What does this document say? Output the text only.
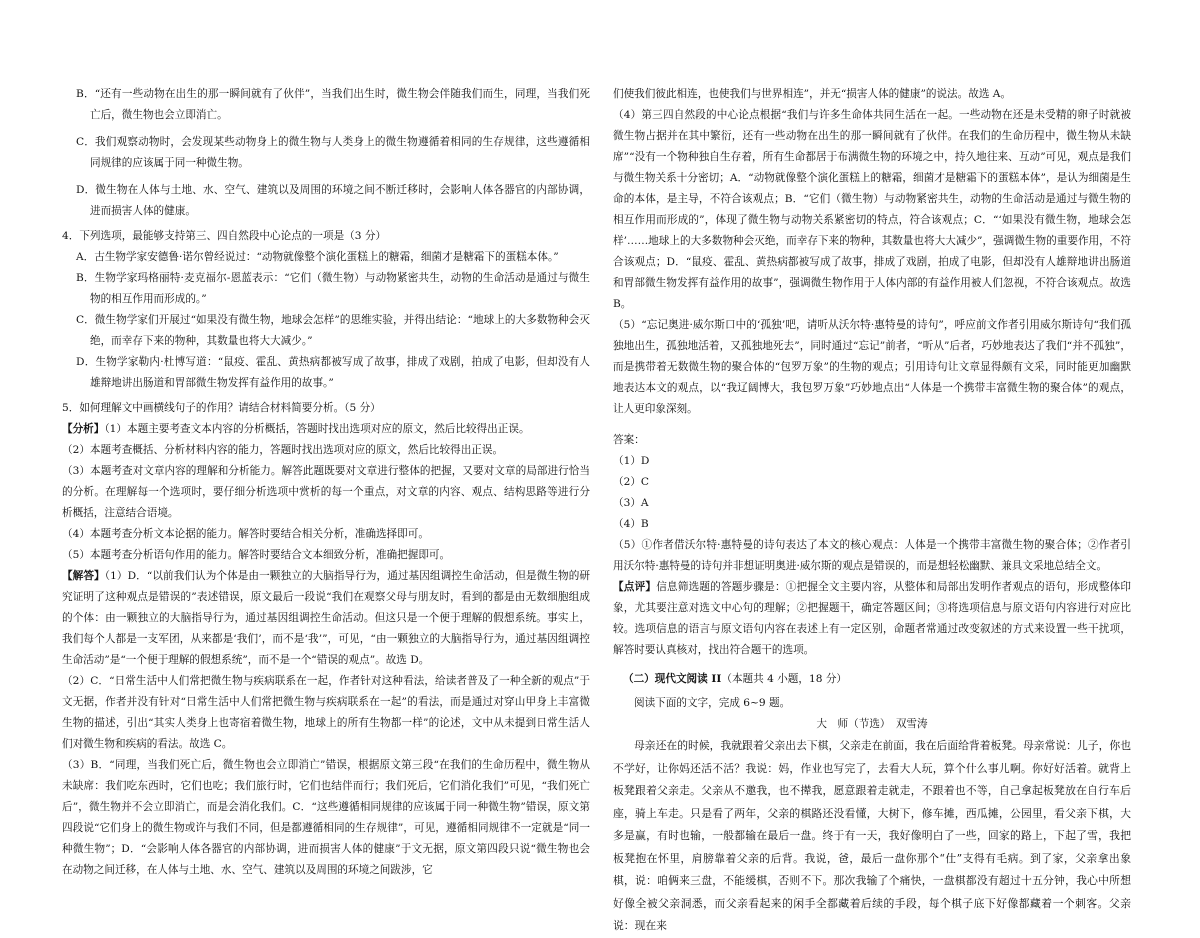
B．“还有一些动物在出生的那一瞬间就有了伙伴”，当我们出生时，微生物会伴随我们而生，同理，当我们死亡后，微生物也会立即消亡。

C．我们观察动物时，会发现某些动物身上的微生物与人类身上的微生物遵循着相同的生存规律，这些遵循相同规律的应该属于同一种微生物。

D．微生物在人体与土地、水、空气、建筑以及周围的环境之间不断迁移时，会影响人体各器官的内部协调，进而损害人体的健康。

4．下列选项，最能够支持第三、四自然段中心论点的一项是（3 分）

A．古生物学家安德鲁·诺尔曾经说过：“动物就像整个演化蛋糕上的糖霜，细菌才是糖霜下的蛋糕本体。”

B．生物学家玛格丽特·麦克福尔-恩蓝表示：“它们（微生物）与动物紧密共生，动物的生命活动是通过与微生物的相互作用而形成的。”

C．微生物学家们开展过“如果没有微生物，地球会怎样”的思维实验，并得出结论：“地球上的大多数物种会灭绝，而幸存下来的物种，其数量也将大大减少。”

D．生物学家勒内·杜博写道：“鼠疫、霍乱、黄热病都被写成了故事，排成了戏剧，拍成了电影，但却没有人雄辩地讲出肠道和胃部微生物发挥有益作用的故事。”

5．如何理解文中画横线句子的作用？请结合材料简要分析。（5 分）

【分析】（1）本题主要考查文本内容的分析概括，答题时找出选项对应的原文，然后比较得出正误。

（2）本题考查概括、分析材料内容的能力，答题时找出选项对应的原文，然后比较得出正误。

（3）本题考查对文章内容的理解和分析能力。解答此题既要对文章进行整体的把握，又要对文章的局部进行恰当的分析。在理解每一个选项时，要仔细分析选项中赏析的每一个重点，对文章的内容、观点、结构思路等进行分析概括，注意结合语境。

（4）本题考查分析文本论据的能力。解答时要结合相关分析，准确选择即可。

（5）本题考查分析语句作用的能力。解答时要结合文本细致分析，准确把握即可。

【解答】（1）D．“以前我们认为个体是由一颗独立的大脑指导行为，通过基因组调控生命活动，但是微生物的研究证明了这种观点是错误的”表述错误，原文最后一段说“我们在观察父母与朋友时，看到的都是由无数细胞组成的个体：由一颗独立的大脑指导行为，通过基因组调控生命活动。但这只是一个便于理解的假想系统。事实上，我们每个人都是一支军团，从来都是‘我们’，而不是‘我’”，可见，“由一颗独立的大脑指导行为，通过基因组调控生命活动”是“一个便于理解的假想系统”，而不是一个“错误的观点”。故选 D。

（2）C．“日常生活中人们常把微生物与疾病联系在一起，作者针对这种看法，给读者普及了一种全新的观点”于文无据，作者并没有针对“日常生活中人们常把微生物与疾病联系在一起”的看法，而是通过对穿山甲身上丰富微生物的描述，引出“其实人类身上也寄宿着微生物，地球上的所有生物都一样”的论述，文中从未提到日常生活人们对微生物和疾病的看法。故选 C。

（3）B．“同理，当我们死亡后，微生物也会立即消亡”错误，根据原文第三段“在我们的生命历程中，微生物从未缺席：我们吃东西时，它们也吃；我们旅行时，它们也结伴而行；我们死后，它们消化我们”可见，“我们死亡后”，微生物并不会立即消亡，而是会消化我们。C．“这些遵循相同规律的应该属于同一种微生物”错误，原文第四段说“它们身上的微生物或许与我们不同，但是都遵循相同的生存规律”，可见，遵循相同规律不一定就是“同一种微生物”；D．“会影响人体各器官的内部协调，进而损害人体的健康”于文无据，原文第四段只说“微生物也会在动物之间迁移，在人体与土地、水、空气、建筑以及周围的环境之间跋涉，它

们使我们彼此相连，也使我们与世界相连”，并无“损害人体的健康”的说法。故选 A。

（4）第三四自然段的中心论点根据“我们与许多生命体共同生活在一起。一些动物在还是未受精的卵子时就被微生物占据并在其中繁衍，还有一些动物在出生的那一瞬间就有了伙伴。在我们的生命历程中，微生物从未缺席”“没有一个物种独自生存着，所有生命都居于布满微生物的环境之中，持久地往来、互动”可见，观点是我们与微生物关系十分密切；A．“动物就像整个演化蛋糕上的糖霜，细菌才是糖霜下的蛋糕本体”，是认为细菌是生命的本体，是主导，不符合该观点；B．“它们（微生物）与动物紧密共生，动物的生命活动是通过与微生物的相互作用而形成的”，体现了微生物与动物关系紧密切的特点，符合该观点；C．“‘如果没有微生物，地球会怎样’……地球上的大多数物种会灭绝，而幸存下来的物种，其数量也将大大减少”，强调微生物的重要作用，不符合该观点；D．“鼠疫、霍乱、黄热病都被写成了故事，排成了戏剧，拍成了电影，但却没有人雄辩地讲出肠道和胃部微生物发挥有益作用的故事”，强调微生物作用于人体内部的有益作用被人们忽视，不符合该观点。故选 B。

（5）“忘记奥进·威尔斯口中的‘孤独’吧，请听从沃尔特·惠特曼的诗句”，呼应前文作者引用威尔斯诗句“我们孤独地出生，孤独地活着，又孤独地死去”，同时通过“忘记”前者，“听从”后者，巧妙地表达了我们“并不孤独”，而是携带着无数微生物的聚合体的“包罗万象”的生物的观点；引用诗句让文章显得颇有文采，同时能更加幽默地表达本文的观点，以“我辽阔博大，我包罗万象”巧妙地点出“人体是一个携带丰富微生物的聚合体”的观点，让人更印象深刻。

答案：

（1）D

（2）C

（3）A

（4）B

（5）①作者借沃尔特·惠特曼的诗句表达了本文的核心观点：人体是一个携带丰富微生物的聚合体；②作者引用沃尔特·惠特曼的诗句并非想证明奥进·威尔斯的观点是错误的，而是想轻松幽默、兼具文采地总结全文。

【点评】信息筛选题的答题步骤是：①把握全文主要内容，从整体和局部出发明作者观点的语句，形成整体印象，尤其要注意对选文中心句的理解；②把握题干，确定答题区间；③将选项信息与原文语句内容进行对应比较。选项信息的语言与原文语句内容在表述上有一定区别，命题者常通过改变叙述的方式来设置一些干扰项，解答时要认真核对，找出符合题干的选项。

（二）现代文阅读 II（本题共 4 小题，18 分）

阅读下面的文字，完成 6~9 题。

大　师（节选）　双雪涛

母亲还在的时候，我就跟着父亲出去下棋，父亲走在前面，我在后面给背着板凳。母亲常说：儿子，你也不学好，让你妈还活不活？我说：妈，作业也写完了，去看大人玩，算个什么事儿啊。你好好活着。就背上板凳跟着父亲走。父亲从不邀我，也不撵我，愿意跟着走就走，不跟着也不等，自己拿起板凳放在自行车后座，骑上车走。只是看了两年，父亲的棋路还没看懂，大树下，修车摊，西瓜摊，公园里，看父亲下棋，大多是赢，有时也输，一般都输在最后一盘。终于有一天，我好像明白了一些，回家的路上，下起了雪，我把板凳抱在怀里，肩膀靠着父亲的后背。我说，爸，最后一盘你那个“仕”支得有毛病。到了家，父亲拿出象棋，说：咱俩来三盘，不能缓棋，否则不下。那次我输了个痛快，一盘棋都没有超过十五分钟，我心中所想好像全被父亲洞悉，而父亲看起来的闲手全都藏着后续的手段，每个棋子底下好像都藏着一个刺客。父亲说：现在来
